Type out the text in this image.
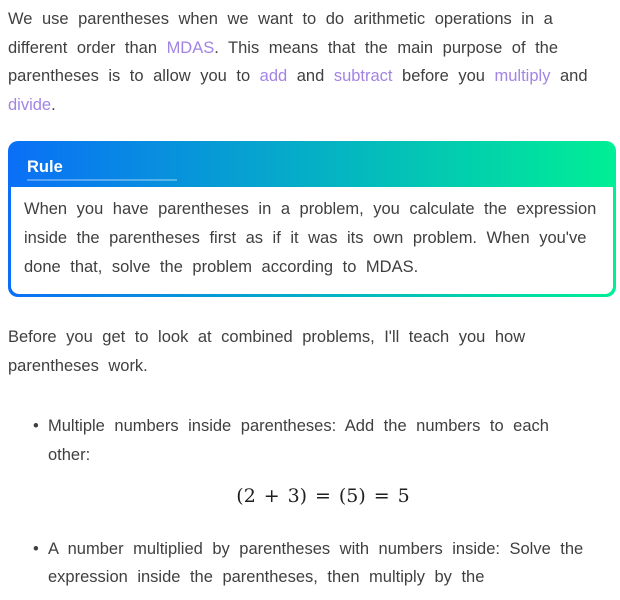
We use parentheses when we want to do arithmetic operations in a different order than MDAS. This means that the main purpose of the parentheses is to allow you to add and subtract before you multiply and divide.

Rule

When you have parentheses in a problem, you calculate the expression inside the parentheses first as if it was its own problem. When you've done that, solve the problem according to MDAS.

Before you get to look at combined problems, I'll teach you how parentheses work.

• Multiple numbers inside parentheses: Add the numbers to each other:
(2 + 3) = (5) = 5
• A number multiplied by parentheses with numbers inside: Solve the expression inside the parentheses, then multiply by the
